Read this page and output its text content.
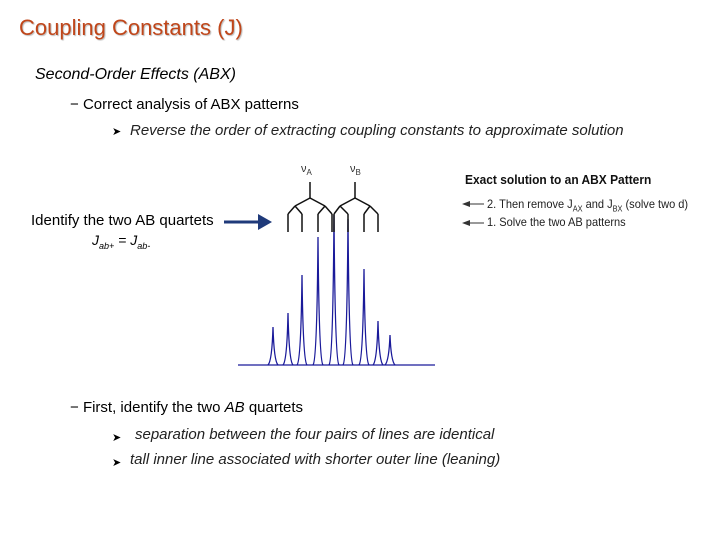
Coupling Constants (J)
Second-Order Effects (ABX)
− Correct analysis of ABX patterns
➤ Reverse the order of extracting coupling constants to approximate solution
Identify the two AB quartets
$J_{ab+} = J_{ab-}$
$\nu_A$	$\nu_B$	Exact solution to an ABX Pattern
2. Then remove $J_{AX}$ and $J_{BX}$ (solve two d)
1. Solve the two AB patterns
− First, identify the two AB quartets
➤ separation between the four pairs of lines are identical
➤ tall inner line associated with shorter outer line (leaning)
